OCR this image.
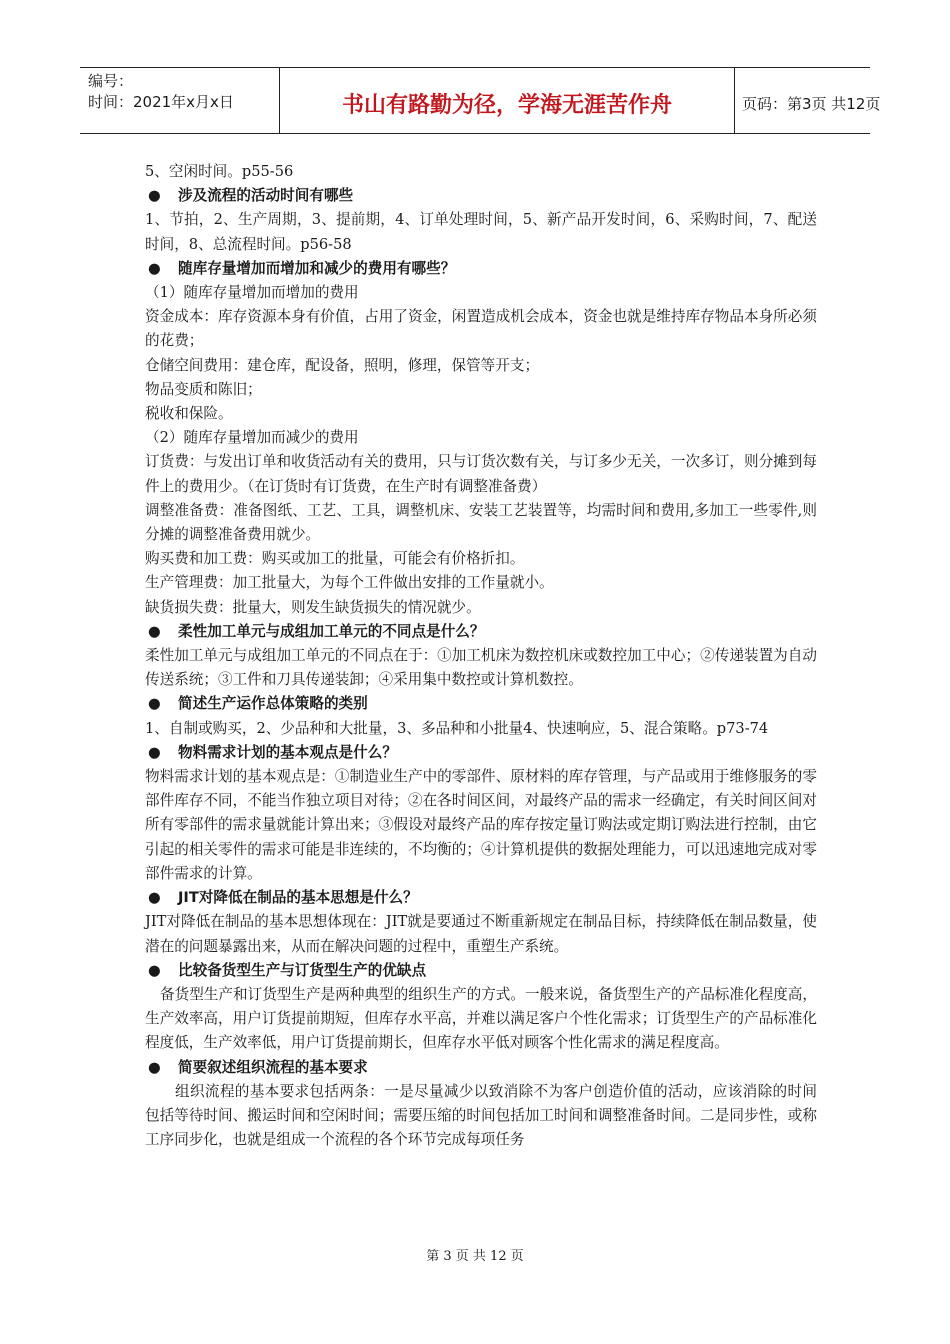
编号：
时间：2021年x月x日	书山有路勤为径，学海无涯苦作舟	页码：第3页 共12页

5、空闲时间。p55-56

● 涉及流程的活动时间有哪些

1、节拍，2、生产周期，3、提前期，4、订单处理时间，5、新产品开发时间，6、采购时间，7、配送时间，8、总流程时间。p56-58

● 随库存量增加而增加和减少的费用有哪些？

（1）随库存量增加而增加的费用

资金成本：库存资源本身有价值，占用了资金，闲置造成机会成本，资金也就是维持库存物品本身所必须的花费；

仓储空间费用：建仓库，配设备，照明，修理，保管等开支；

物品变质和陈旧；

税收和保险。

（2）随库存量增加而减少的费用

订货费：与发出订单和收货活动有关的费用，只与订货次数有关，与订多少无关，一次多订，则分摊到每件上的费用少。（在订货时有订货费，在生产时有调整准备费）

调整准备费：准备图纸、工艺、工具，调整机床、安装工艺装置等，均需时间和费用,多加工一些零件,则分摊的调整准备费用就少。

购买费和加工费：购买或加工的批量，可能会有价格折扣。

生产管理费：加工批量大，为每个工件做出安排的工作量就小。

缺货损失费：批量大，则发生缺货损失的情况就少。

● 柔性加工单元与成组加工单元的不同点是什么？

柔性加工单元与成组加工单元的不同点在于：①加工机床为数控机床或数控加工中心；②传递装置为自动传送系统；③工件和刀具传递装卸；④采用集中数控或计算机数控。

● 简述生产运作总体策略的类别

1、自制或购买，2、少品种和大批量，3、多品种和小批量4、快速响应，5、混合策略。p73-74

● 物料需求计划的基本观点是什么？

物料需求计划的基本观点是：①制造业生产中的零部件、原材料的库存管理，与产品或用于维修服务的零部件库存不同，不能当作独立项目对待；②在各时间区间，对最终产品的需求一经确定，有关时间区间对所有零部件的需求量就能计算出来；③假设对最终产品的库存按定量订购法或定期订购法进行控制，由它引起的相关零件的需求可能是非连续的，不均衡的；④计算机提供的数据处理能力，可以迅速地完成对零部件需求的计算。

● JIT对降低在制品的基本思想是什么？

JIT对降低在制品的基本思想体现在：JIT就是要通过不断重新规定在制品目标，持续降低在制品数量，使潜在的问题暴露出来，从而在解决问题的过程中，重塑生产系统。

● 比较备货型生产与订货型生产的优缺点

备货型生产和订货型生产是两种典型的组织生产的方式。一般来说，备货型生产的产品标准化程度高，生产效率高，用户订货提前期短，但库存水平高，并难以满足客户个性化需求；订货型生产的产品标准化程度低，生产效率低，用户订货提前期长，但库存水平低对顾客个性化需求的满足程度高。

● 简要叙述组织流程的基本要求

组织流程的基本要求包括两条：一是尽量减少以致消除不为客户创造价值的活动，应该消除的时间包括等待时间、搬运时间和空闲时间；需要压缩的时间包括加工时间和调整准备时间。二是同步性，或称工序同步化，也就是组成一个流程的各个环节完成每项任务

第 3 页 共 12 页
